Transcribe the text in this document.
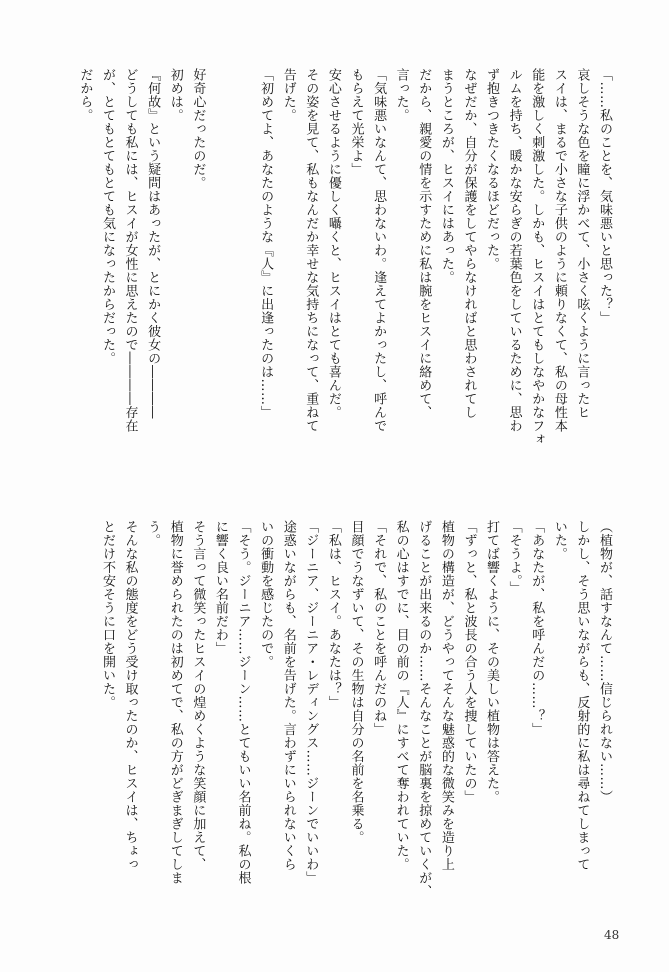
「……私のことを、気味悪いと思った？」
哀しそうな色を瞳に浮かべて、小さく呟くように言ったヒ
スイは、まるで小さな子供のように頼りなくて、私の母性本
能を激しく刺激した。しかも、ヒスイはとてもしなやかなフォ
ルムを持ち、暖かな安らぎの若葉色をしているために、思わ
ず抱きつきたくなるほどだった。
なぜだか、自分が保護をしてやらなければと思わされてし
まうところが、ヒスイにはあった。
だから、親愛の情を示すために私は腕をヒスイに絡めて、
言った。
「気味悪いなんて、思わないわ。逢えてよかったし、呼んで
もらえて光栄よ」
安心させるように優しく囁くと、ヒスイはとても喜んだ。
その姿を見て、私もなんだか幸せな気持ちになって、重ねて
告げた。
「初めてよ、あなたのような『人』に出逢ったのは……」
好奇心だったのだ。
初めは。
『何故』という疑問はあったが、とにかく彼女の――――
どうしても私には、ヒスイが女性に思えたので――――存在
が、とてもとてもとても気になったからだった。
だから。
（植物が、話すなんて……信じられない……）
しかし、そう思いながらも、反射的に私は尋ねてしまって
いた。
「あなたが、私を呼んだの……？」
「そうよ。」
打てば響くように、その美しい植物は答えた。
「ずっと、私と波長の合う人を捜していたの」
植物の構造が、どうやってそんな魅惑的な微笑みを造り上
げることが出来るのか……そんなことが脳裏を掠めていくが、
私の心はすでに、目の前の『人』にすべて奪われていた。
「それで、私のことを呼んだのね」
目顔でうなずいて、その生物は自分の名前を名乗る。
「私は、ヒスイ。あなたは？」
「ジーニア、ジーニア・レディングス……ジーンでいいわ」
途惑いながらも、名前を告げた。言わずにいられないくら
いの衝動を感じたので。
「そう。ジーニア……ジーン……とてもいい名前ね。私の根
に響く良い名前だわ」
そう言って微笑ったヒスイの煌めくような笑顔に加えて、
植物に誉められたのは初めてで、私の方がどぎまぎしてしま
う。
そんな私の態度をどう受け取ったのか、ヒスイは、ちょっ
とだけ不安そうに口を開いた。
48
